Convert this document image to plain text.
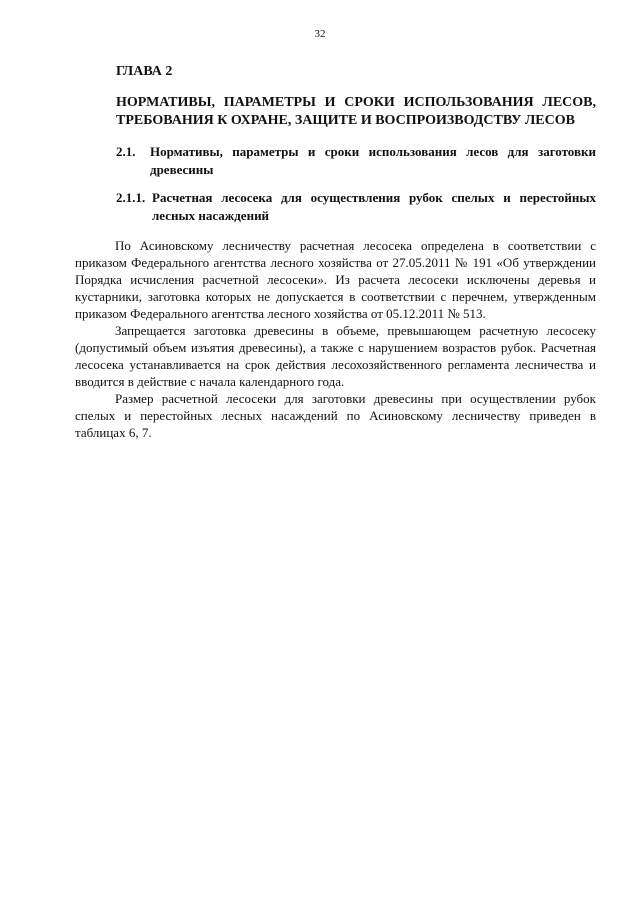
32
ГЛАВА 2
НОРМАТИВЫ, ПАРАМЕТРЫ И СРОКИ ИСПОЛЬЗОВАНИЯ ЛЕСОВ,
ТРЕБОВАНИЯ К ОХРАНЕ, ЗАЩИТЕ И ВОСПРОИЗВОДСТВУ ЛЕСОВ
2.1.	Нормативы, параметры и сроки использования лесов для заготовки древесины
2.1.1. Расчетная лесосека для осуществления рубок спелых и перестойных лесных насаждений

По Асиновскому лесничеству расчетная лесосека определена в соответствии с приказом Федерального агентства лесного хозяйства от 27.05.2011 № 191 «Об утверждении Порядка исчисления расчетной лесосеки». Из расчета лесосеки исключены деревья и кустарники, заготовка которых не допускается в соответствии с перечнем, утвержденным приказом Федерального агентства лесного хозяйства от 05.12.2011 № 513.

Запрещается заготовка древесины в объеме, превышающем расчетную лесосеку (допустимый объем изъятия древесины), а также с нарушением возрастов рубок. Расчетная лесосека устанавливается на срок действия лесохозяйственного регламента лесничества и вводится в действие с начала календарного года.

Размер расчетной лесосеки для заготовки древесины при осуществлении рубок спелых и перестойных лесных насаждений по Асиновскому лесничеству приведен в таблицах 6, 7.
